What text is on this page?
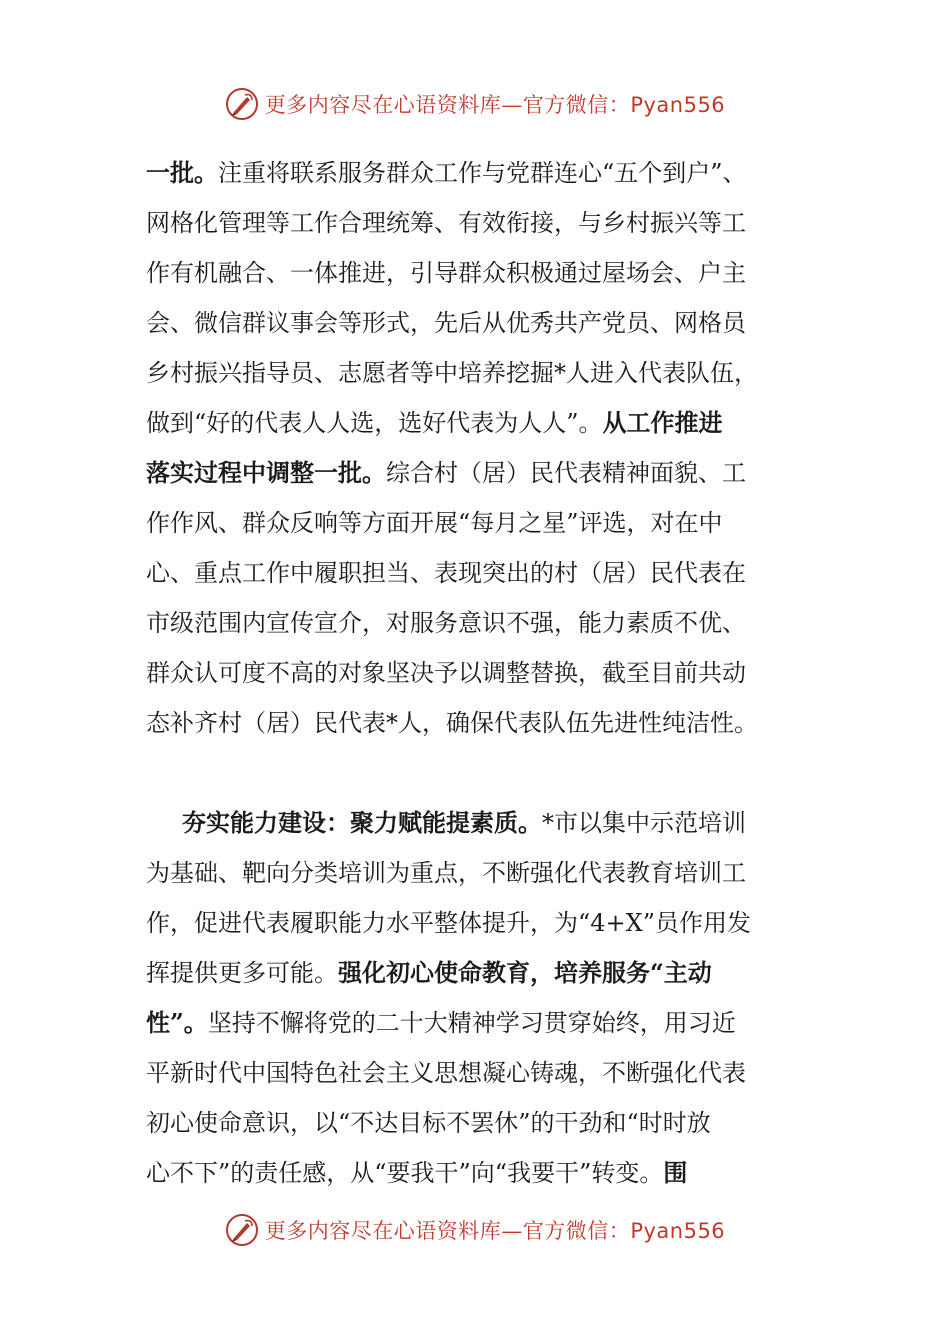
更多内容尽在心语资料库—官方微信：Pyan556
一批。注重将联系服务群众工作与党群连心“五个到户”、
网格化管理等工作合理统筹、有效衔接，与乡村振兴等工
作有机融合、一体推进，引导群众积极通过屋场会、户主
会、微信群议事会等形式，先后从优秀共产党员、网格员
乡村振兴指导员、志愿者等中培养挖掘*人进入代表队伍，
做到“好的代表人人选，选好代表为人人”。从工作推进
落实过程中调整一批。综合村（居）民代表精神面貌、工
作作风、群众反响等方面开展“每月之星”评选，对在中
心、重点工作中履职担当、表现突出的村（居）民代表在
市级范围内宣传宣介，对服务意识不强，能力素质不优、
群众认可度不高的对象坚决予以调整替换，截至目前共动
态补齐村（居）民代表*人，确保代表队伍先进性纯洁性。
夯实能力建设：聚力赋能提素质。*市以集中示范培训
为基础、靶向分类培训为重点，不断强化代表教育培训工
作，促进代表履职能力水平整体提升，为“4+X”员作用发
挥提供更多可能。强化初心使命教育，培养服务“主动
性”。坚持不懈将党的二十大精神学习贯穿始终，用习近
平新时代中国特色社会主义思想凝心铸魂，不断强化代表
初心使命意识，以“不达目标不罢休”的干劲和“时时放
心不下”的责任感，从“要我干”向“我要干”转变。围
更多内容尽在心语资料库—官方微信：Pyan556
